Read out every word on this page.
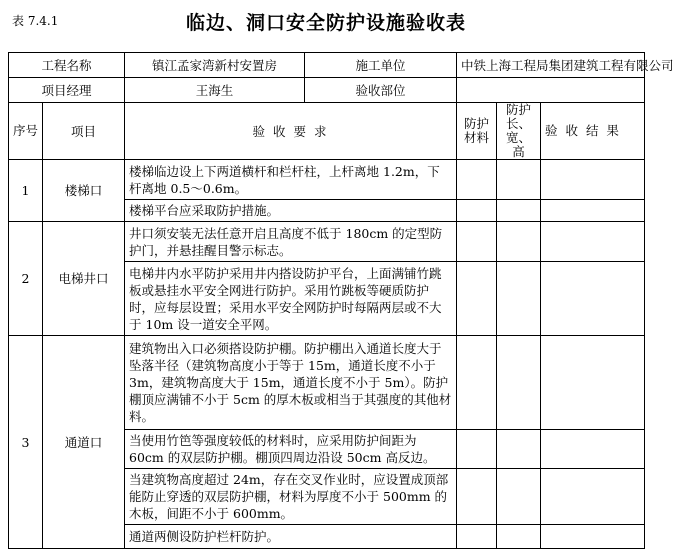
表 7.4.1	临边、洞口安全防护设施验收表
工程名称		镇江孟家湾新村安置房	施工单位	中铁上海工程局集团建筑工程有限公司		
项目经理		王海生	验收部位			
序号	项目	验 收 要 求		防护材料	防护长、宽、高	验 收 结 果
1	楼梯口	楼梯临边设上下两道横杆和栏杆柱，上杆离地 1.2m，下杆离地 0.5～0.6m。				
		楼梯平台应采取防护措施。				
2	电梯井口	井口须安装无法任意开启且高度不低于 180cm 的定型防护门，并悬挂醒目警示标志。				
		电梯井内水平防护采用井内搭设防护平台，上面满铺竹跳板或悬挂水平安全网进行防护。采用竹跳板等硬质防护时，应每层设置；采用水平安全网防护时每隔两层或不大于 10m 设一道安全平网。				
3	通道口	建筑物出入口必须搭设防护棚。防护棚出入通道长度大于坠落半径（建筑物高度小于等于 15m，通道长度不小于 3m，建筑物高度大于 15m，通道长度不小于 5m）。防护棚顶应满铺不小于 5cm 的厚木板或相当于其强度的其他材料。				
		当使用竹笆等强度较低的材料时，应采用防护间距为 60cm 的双层防护棚。棚顶四周边沿设 50cm 高反边。				
		当建筑物高度超过 24m，存在交叉作业时，应设置成顶部能防止穿透的双层防护棚，材料为厚度不小于 500mm 的木板，间距不小于 600mm。				
		通道两侧设防护栏杆防护。				
